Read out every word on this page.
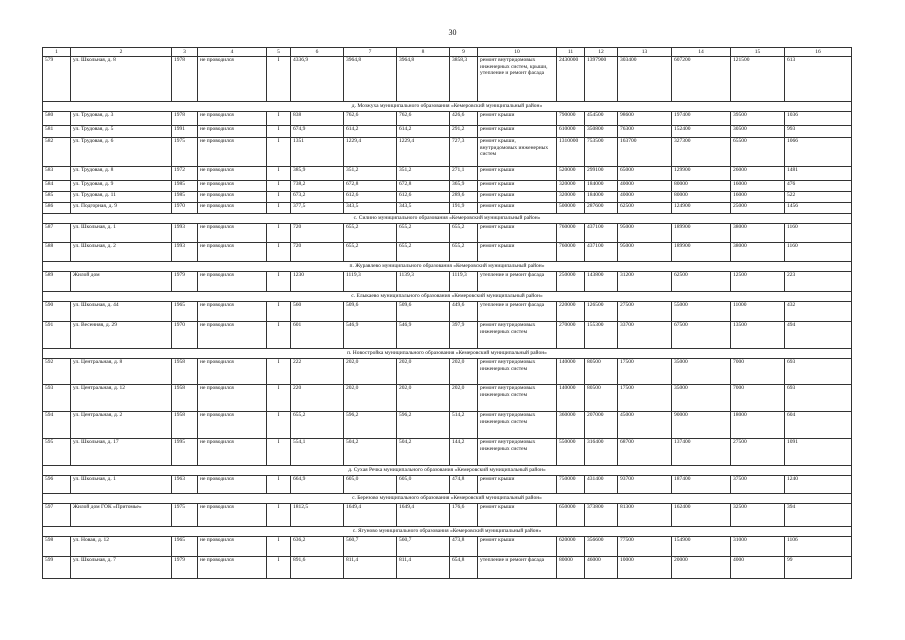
30
1	2	3	4	5	6	7	8	9	10	11	12	13	14	15	16
579	ул. Школьная, д. 8	1978	не проводился	I	4336,9	3964,8	3964,8	3858,3	ремонт внутридомовых инженерных систем, крыши, утепление и ремонт фасада	2430000	1397900	303400	607200	121500	613
д. Мозжуха муниципального образования «Кемеровский муниципальный район»															
580	ул. Трудовая, д. 3	1978	не проводился	I	838	762,6	762,6	426,6	ремонт крыши	790000	454500	98600	197400	39500	1036
581	ул. Трудовая, д. 5	1991	не проводился	I	674,9	614,2	614,2	291,2	ремонт крыши	610000	350800	76300	152400	30500	993
582	ул. Трудовая, д. 6	1975	не проводился	I	1351	1229,4	1229,4	727,3	ремонт крыши, внутридомовых инженерных систем	1310000	753500	163700	327300	65500	1066
583	ул. Трудовая, д. 8	1972	не проводился	I	385,9	351,2	351,2	271,1	ремонт крыши	520000	299100	65000	129900	26000	1481
584	ул. Трудовая, д. 9	1985	не проводился	I	738,2	672,8	672,8	365,9	ремонт крыши	320000	184000	40000	80000	16000	476
585	ул. Трудовая, д. 11	1985	не проводился	I	673,2	612,6	612,6	289,6	ремонт крыши	320000	184000	40000	80000	16000	522
586	ул. Подгорная, д. 9	1970	не проводился	I	377,5	343,5	343,5	191,9	ремонт крыши	500000	287600	62500	124900	25000	1456
с. Силино муниципального образования «Кемеровский муниципальный район»															
587	ул. Школьная, д. 1	1993	не проводился	I	720	655,2	655,2	655,2	ремонт крыши	760000	437100	95000	189900	38000	1160
588	ул. Школьная, д. 2	1993	не проводился	I	720	655,2	655,2	655,2	ремонт крыши	760000	437100	95000	189900	38000	1160
п. Журавлево муниципального образования «Кемеровский муниципальный район»															
589	Жилой дом	1979	не проводился	I	1230	1119,3	1139,3	1119,3	утепление и ремонт фасада	250000	143800	31200	62500	12500	223
с. Елыкаево муниципального образования «Кемеровский муниципальный район»															
590	ул. Школьная, д. 44	1965	не проводился	I	560	509,6	509,6	449,6	утепление и ремонт фасада	220000	126500	27500	55000	11000	432
591	ул. Весенняя, д. 29	1970	не проводился	I	601	546,9	546,9	397,9	ремонт внутридомовых инженерных систем	270000	155300	33700	67500	13500	494
п. Новостройка муниципального образования «Кемеровский муниципальный район»															
592	ул. Центральная, д. 8	1958	не проводился	I	222	202,0	202,0	202,0	ремонт внутридомовых инженерных систем	140000	80500	17500	35000	7000	693
593	ул. Центральная, д. 12	1958	не проводился	I	220	202,0	202,0	202,0	ремонт внутридомовых инженерных систем	140000	80500	17500	35000	7000	693
594	ул. Центральная, д. 2	1958	не проводился	I	655,2	596,2	596,2	514,2	ремонт внутридомовых инженерных систем	360000	207000	45000	90000	18000	604
595	ул. Школьная, д. 17	1995	не проводился	I	554,1	504,2	504,2	144,2	ремонт внутридомовых инженерных систем	550000	316400	68700	137400	27500	1091
д. Сухая Речка муниципального образования «Кемеровский муниципальный район»															
596	ул. Школьная, д. 1	1963	не проводился	I	664,9	605,0	605,0	474,8	ремонт крыши	750000	431400	93700	187400	37500	1240
с. Березово муниципального образования «Кемеровский муниципальный район»															
597	Жилой дом ГОК «Притомье»	1975	не проводился	I	1812,5	1649,4	1649,4	176,6	ремонт крыши	650000	373800	81300	162400	32500	394
с. Ягуново муниципального образования «Кемеровский муниципальный район»															
598	ул. Новая, д. 12	1965	не проводился	I	636,2	560,7	560,7	473,8	ремонт крыши	620000	356600	77500	154900	31000	1106
599	ул. Школьная, д. 7	1979	не проводился	I	891,6	811,4	811,4	654,8	утепление и ремонт фасада	80000	46000	10000	20000	4000	99
